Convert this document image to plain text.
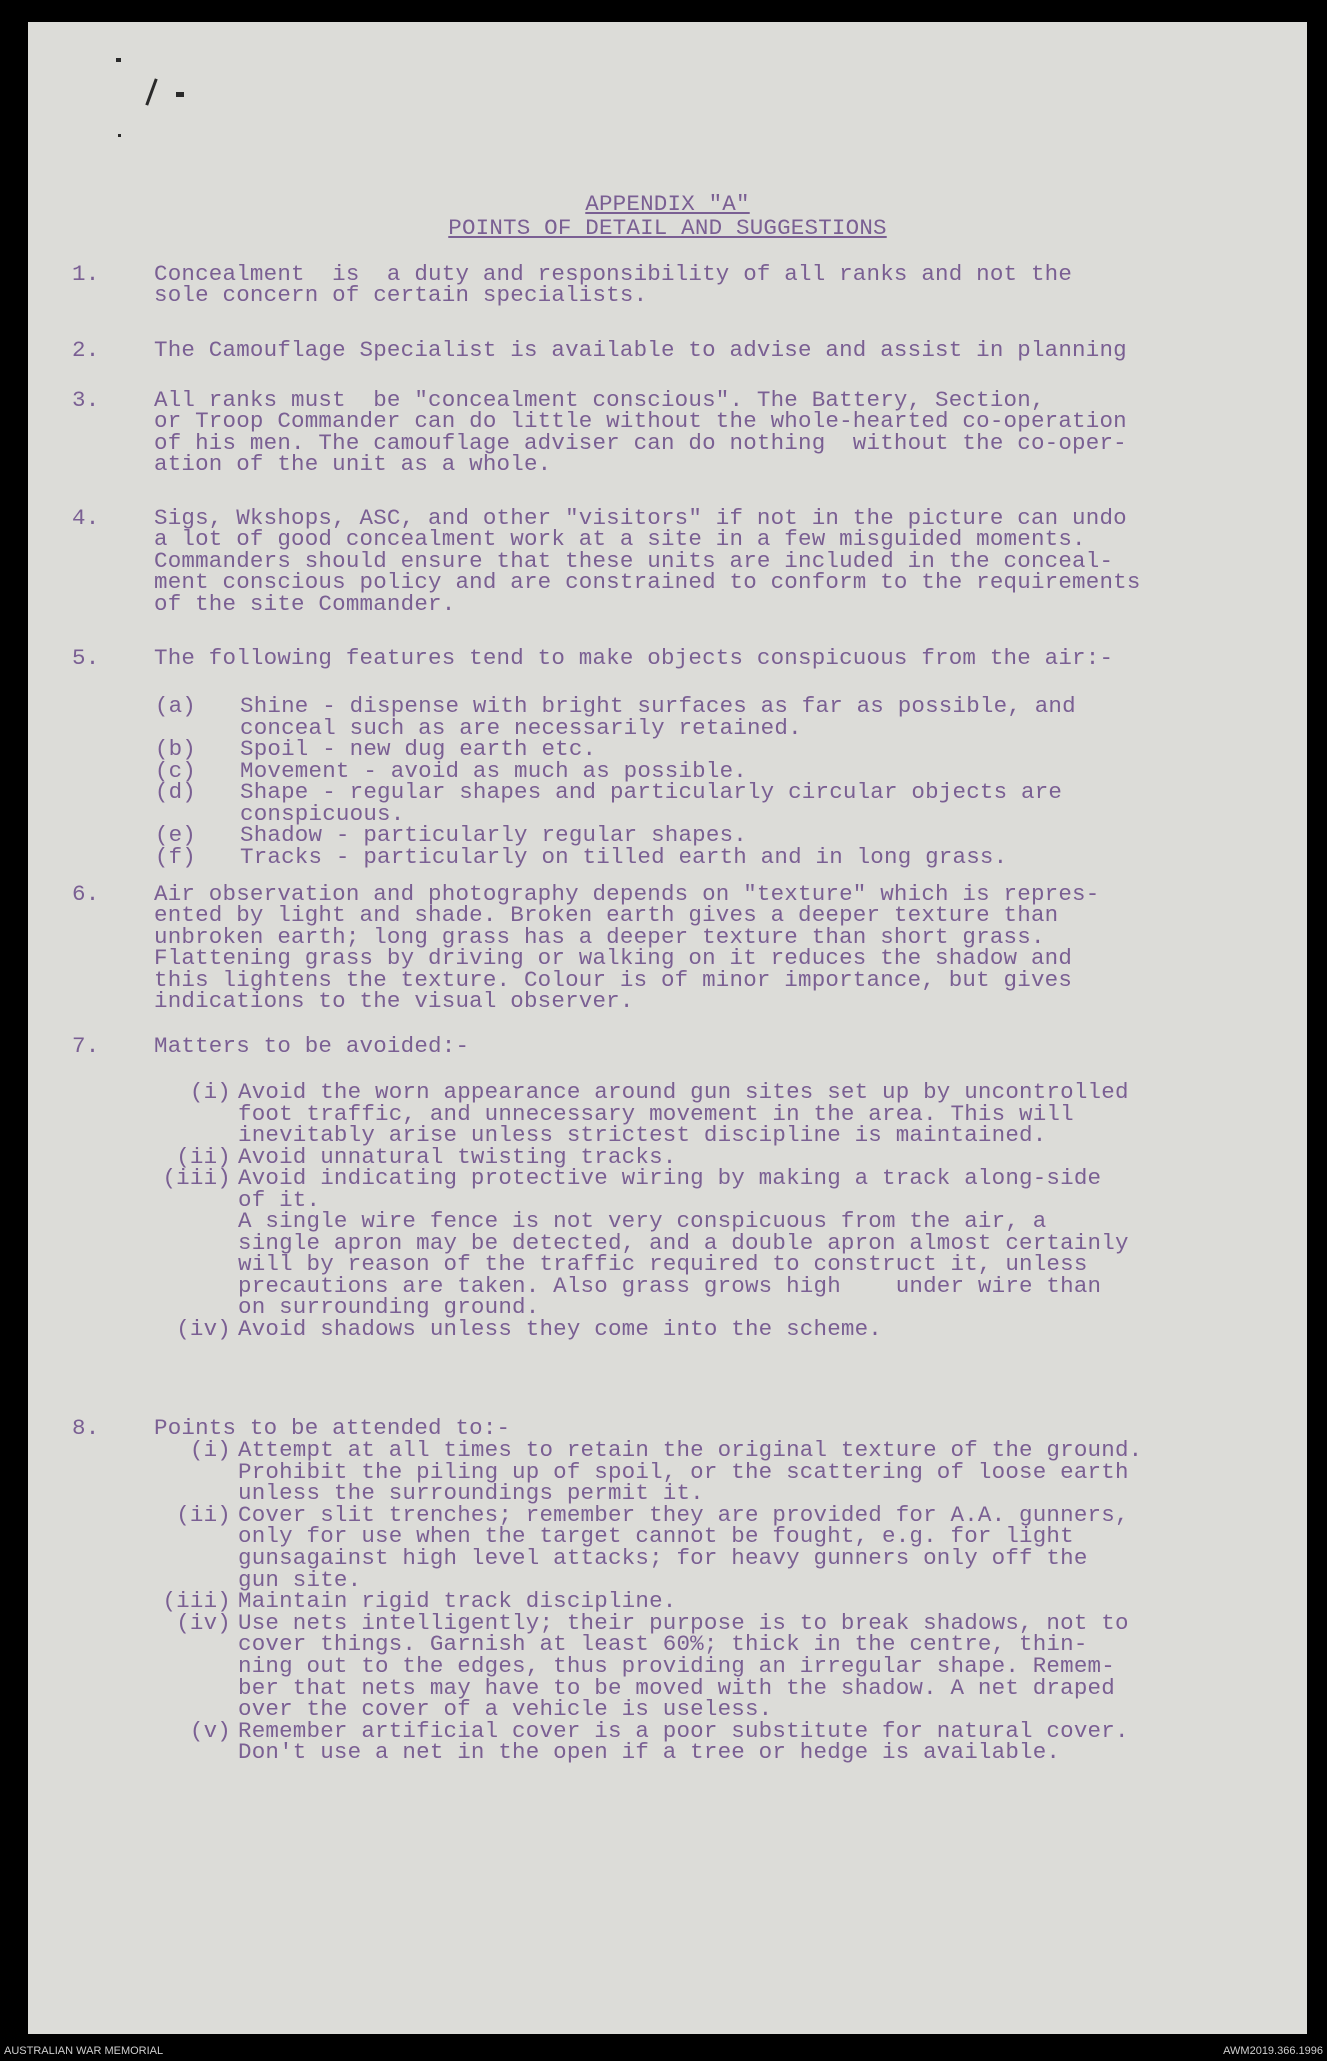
APPENDIX "A"
POINTS OF DETAIL AND SUGGESTIONS
1. Concealment  is  a duty and responsibility of all ranks and not the
sole concern of certain specialists.
2. The Camouflage Specialist is available to advise and assist in planning
3. All ranks must  be "concealment conscious". The Battery, Section,
or Troop Commander can do little without the whole-hearted co-operation
of his men. The camouflage adviser can do nothing  without the co-oper-
ation of the unit as a whole.
4. Sigs, Wkshops, ASC, and other "visitors" if not in the picture can undo
a lot of good concealment work at a site in a few misguided moments.
Commanders should ensure that these units are included in the conceal-
ment conscious policy and are constrained to conform to the requirements
of the site Commander.
5. The following features tend to make objects conspicuous from the air:-
(a) Shine - dispense with bright surfaces as far as possible, and
conceal such as are necessarily retained.
(b) Spoil - new dug earth etc.
(c) Movement - avoid as much as possible.
(d) Shape - regular shapes and particularly circular objects are
conspicuous.
(e) Shadow - particularly regular shapes.
(f) Tracks - particularly on tilled earth and in long grass.
6. Air observation and photography depends on "texture" which is repres-
ented by light and shade. Broken earth gives a deeper texture than
unbroken earth; long grass has a deeper texture than short grass.
Flattening grass by driving or walking on it reduces the shadow and
this lightens the texture. Colour is of minor importance, but gives
indications to the visual observer.
7. Matters to be avoided:-
(i) Avoid the worn appearance around gun sites set up by uncontrolled
foot traffic, and unnecessary movement in the area. This will
inevitably arise unless strictest discipline is maintained.
(ii) Avoid unnatural twisting tracks.
(iii) Avoid indicating protective wiring by making a track along-side
of it.
A single wire fence is not very conspicuous from the air, a
single apron may be detected, and a double apron almost certainly
will by reason of the traffic required to construct it, unless
precautions are taken. Also grass grows high    under wire than
on surrounding ground.
(iv) Avoid shadows unless they come into the scheme.
8. Points to be attended to:-
(i) Attempt at all times to retain the original texture of the ground.
Prohibit the piling up of spoil, or the scattering of loose earth
unless the surroundings permit it.
(ii) Cover slit trenches; remember they are provided for A.A. gunners,
only for use when the target cannot be fought, e.g. for light
gunsagainst high level attacks; for heavy gunners only off the
gun site.
(iii) Maintain rigid track discipline.
(iv) Use nets intelligently; their purpose is to break shadows, not to
cover things. Garnish at least 60%; thick in the centre, thin-
ning out to the edges, thus providing an irregular shape. Remem-
ber that nets may have to be moved with the shadow. A net draped
over the cover of a vehicle is useless.
(v) Remember artificial cover is a poor substitute for natural cover.
Don't use a net in the open if a tree or hedge is available.
AUSTRALIAN WAR MEMORIAL	AWM2019.366.1996
